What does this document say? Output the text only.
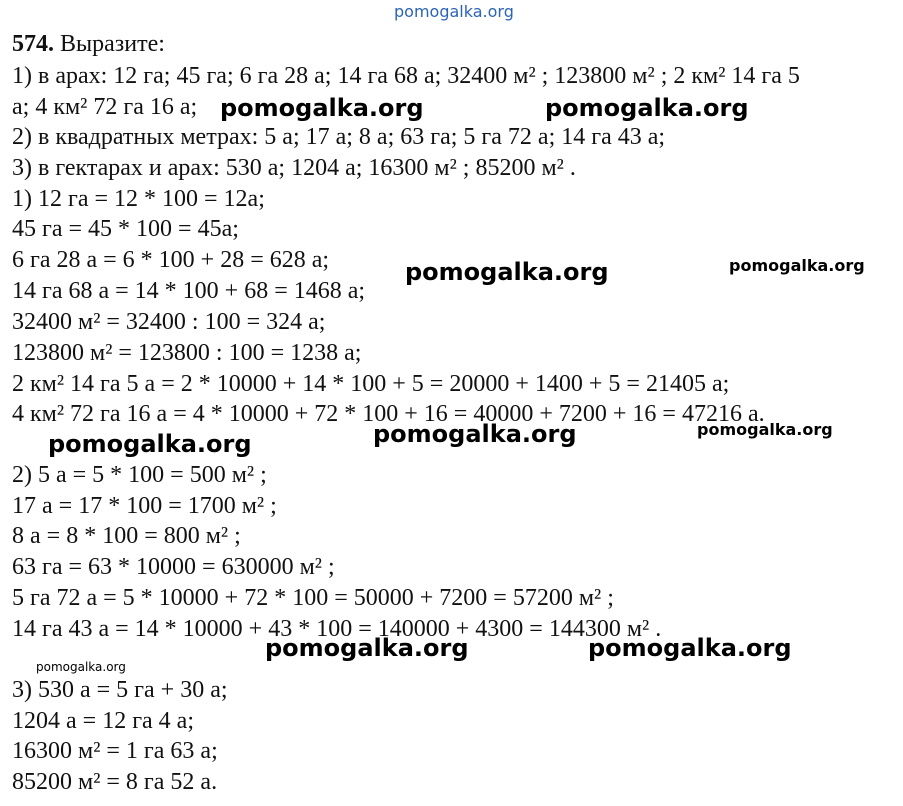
pomogalka.org
pomogalka.org	pomogalka.org
pomogalka.org	pomogalka.org
pomogalka.org	pomogalka.org	pomogalka.org
pomogalka.org	pomogalka.org
pomogalka.org
574. Выразите:
1) в арах: 12 га; 45 га; 6 га 28 а; 14 га 68 а; 32400 м² ; 123800 м² ; 2 км² 14 га 5
а; 4 км² 72 га 16 а;
2) в квадратных метрах: 5 а; 17 а; 8 а; 63 га; 5 га 72 а; 14 га 43 а;
3) в гектарах и арах: 530 а; 1204 а; 16300 м² ; 85200 м² .
1) 12 га = 12 * 100 = 12а;
45 га = 45 * 100 = 45а;
6 га 28 а = 6 * 100 + 28 = 628 а;
14 га 68 а = 14 * 100 + 68 = 1468 а;
32400 м² = 32400 : 100 = 324 а;
123800 м² = 123800 : 100 = 1238 а;
2 км² 14 га 5 а = 2 * 10000 + 14 * 100 + 5 = 20000 + 1400 + 5 = 21405 а;
4 км² 72 га 16 а = 4 * 10000 + 72 * 100 + 16 = 40000 + 7200 + 16 = 47216 а.
2) 5 а = 5 * 100 = 500 м² ;
17 а = 17 * 100 = 1700 м² ;
8 а = 8 * 100 = 800 м² ;
63 га = 63 * 10000 = 630000 м² ;
5 га 72 а = 5 * 10000 + 72 * 100 = 50000 + 7200 = 57200 м² ;
14 га 43 а = 14 * 10000 + 43 * 100 = 140000 + 4300 = 144300 м² .
3) 530 а = 5 га + 30 а;
1204 а = 12 га 4 а;
16300 м² = 1 га 63 а;
85200 м² = 8 га 52 а.
